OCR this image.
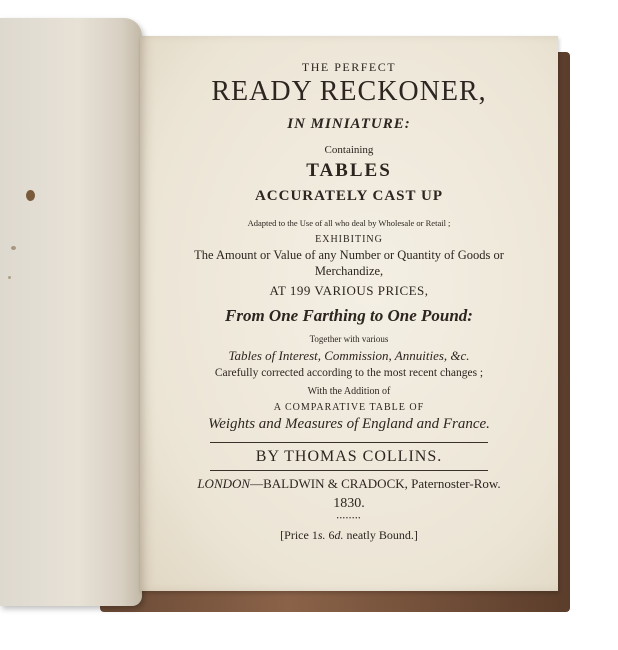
THE PERFECT

READY RECKONER,

IN MINIATURE:

Containing

TABLES

ACCURATELY CAST UP

Adapted to the Use of all who deal by Wholesale or Retail ;

EXHIBITING

The Amount or Value of any Number or Quantity of Goods or

Merchandize,

AT 199 VARIOUS PRICES,

From One Farthing to One Pound:

Together with various

Tables of Interest, Commission, Annuities, &c.

Carefully corrected according to the most recent changes ;

With the Addition of

A COMPARATIVE TABLE OF

Weights and Measures of England and France.

BY THOMAS COLLINS.

LONDON—BALDWIN & CRADOCK, Paternoster-Row.

1830.

••••••••

[Price 1s. 6d. neatly Bound.]
